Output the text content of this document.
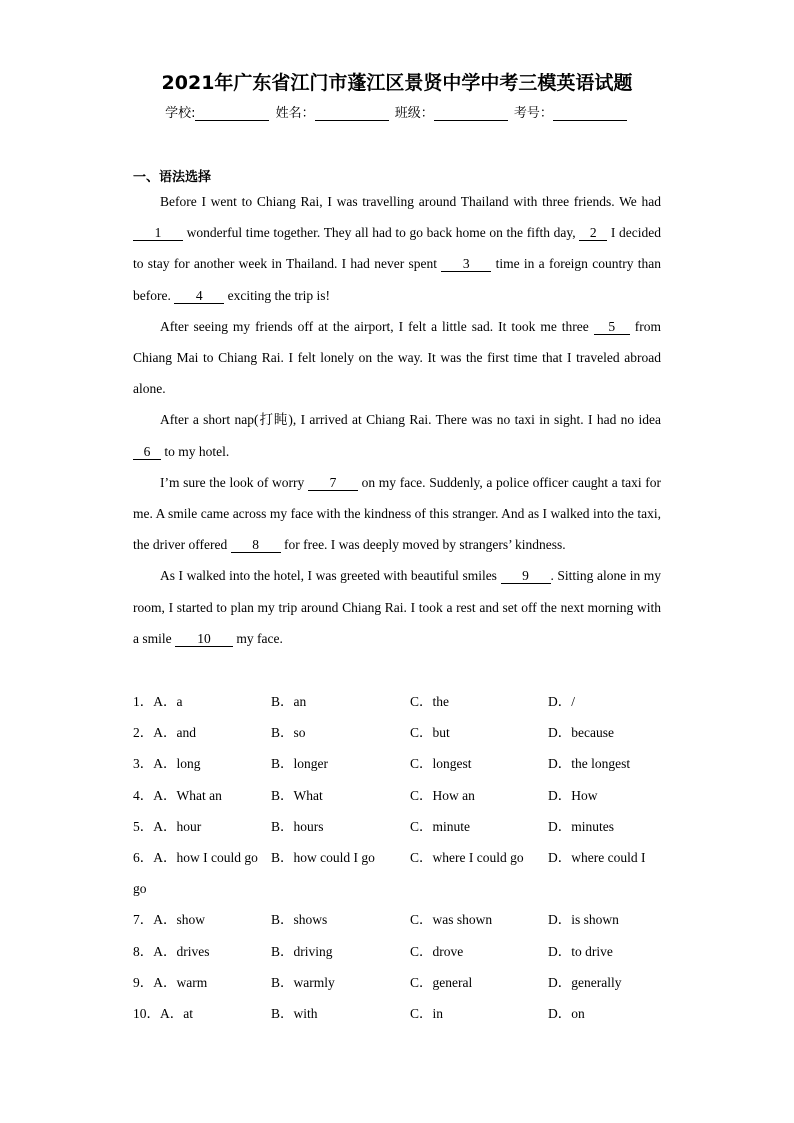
2021年广东省江门市蓬江区景贤中学中考三模英语试题
学校:	姓名：	班级：	考号：
一、语法选择

Before I went to Chiang Rai, I was travelling around Thailand with three friends. We had 1 wonderful time together. They all had to go back home on the fifth day, 2 I decided to stay for another week in Thailand. I had never spent 3 time in a foreign country than before. 4 exciting the trip is!

After seeing my friends off at the airport, I felt a little sad. It took me three 5 from Chiang Mai to Chiang Rai. I felt lonely on the way. It was the first time that I traveled abroad alone.

After a short nap(打盹), I arrived at Chiang Rai. There was no taxi in sight. I had no idea 6 to my hotel.

I’m sure the look of worry 7 on my face. Suddenly, a police officer caught a taxi for me. A smile came across my face with the kindness of this stranger. And as I walked into the taxi, the driver offered 8 for free. I was deeply moved by strangers’ kindness.

As I walked into the hotel, I was greeted with beautiful smiles 9 . Sitting alone in my room, I started to plan my trip around Chiang Rai. I took a rest and set off the next morning with a smile 10 my face.

1．A．a	B．an	C．the	D．/
2．A．and	B．so	C．but	D．because
3．A．long	B．longer	C．longest	D．the longest
4．A．What an	B．What	C．How an	D．How
5．A．hour	B．hours	C．minute	D．minutes
6．A．how I could go B．how could I go	C．where I could go D．where could I
go
7．A．show	B．shows	C．was shown	D．is shown
8．A．drives	B．driving	C．drove	D．to drive
9．A．warm	B．warmly	C．general	D．generally
10．A．at	B．with	C．in	D．on
